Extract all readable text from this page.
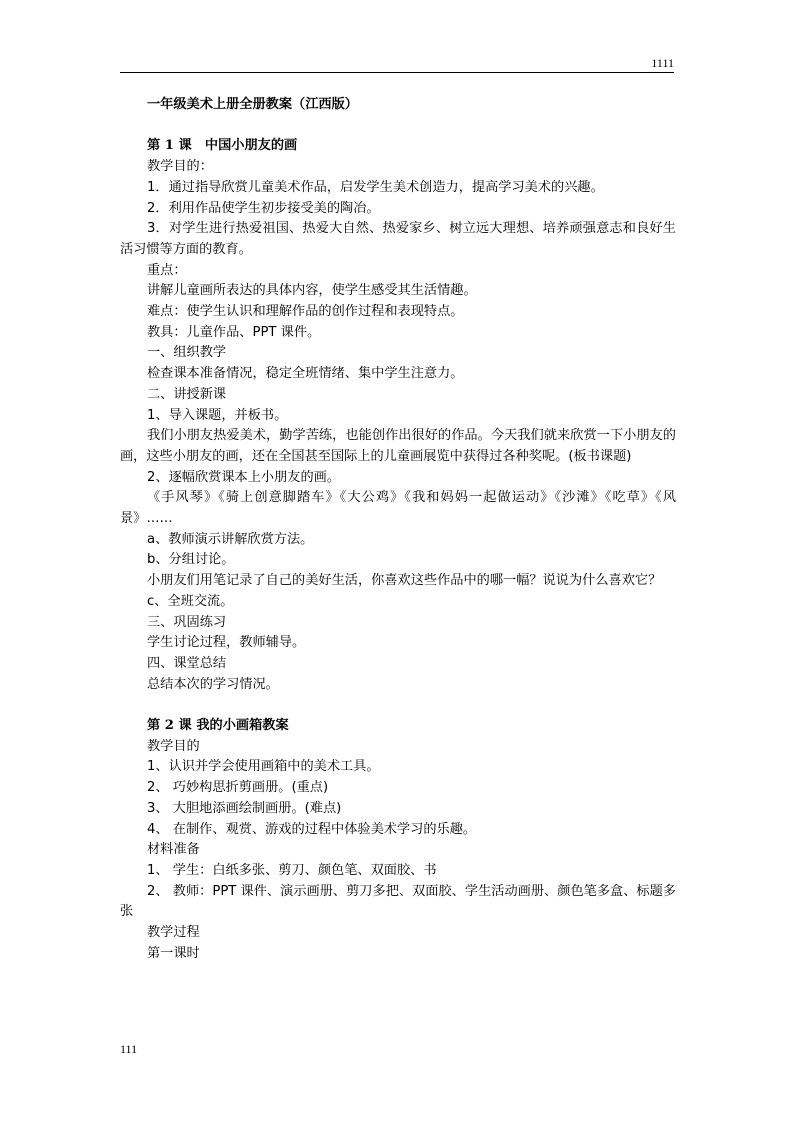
1111

一年级美术上册全册教案（江西版）

第 1 课　中国小朋友的画

教学目的：

1．通过指导欣赏儿童美术作品，启发学生美术创造力，提高学习美术的兴趣。

2．利用作品使学生初步接受美的陶冶。

3．对学生进行热爱祖国、热爱大自然、热爱家乡、树立远大理想、培养顽强意志和良好生活习惯等方面的教育。

重点：

讲解儿童画所表达的具体内容，使学生感受其生活情趣。

难点：使学生认识和理解作品的创作过程和表现特点。

教具：儿童作品、PPT 课件。

一、组织教学

检查课本准备情况，稳定全班情绪、集中学生注意力。

二、讲授新课

1、导入课题，并板书。

我们小朋友热爱美术，勤学苦练，也能创作出很好的作品。今天我们就来欣赏一下小朋友的画，这些小朋友的画，还在全国甚至国际上的儿童画展览中获得过各种奖呢。(板书课题)

2、逐幅欣赏课本上小朋友的画。

《手风琴》《骑上创意脚踏车》《大公鸡》《我和妈妈一起做运动》《沙滩》《吃草》《风景》……

a、教师演示讲解欣赏方法。

b、分组讨论。

小朋友们用笔记录了自己的美好生活，你喜欢这些作品中的哪一幅？说说为什么喜欢它？

c、全班交流。

三、巩固练习

学生讨论过程，教师辅导。

四、课堂总结

总结本次的学习情况。

第 2 课 我的小画箱教案

教学目的

1、认识并学会使用画箱中的美术工具。

2、 巧妙构思折剪画册。(重点)

3、 大胆地添画绘制画册。(难点)

4、 在制作、观赏、游戏的过程中体验美术学习的乐趣。

材料准备

1、 学生：白纸多张、剪刀、颜色笔、双面胶、书

2、 教师：PPT 课件、演示画册、剪刀多把、双面胶、学生活动画册、颜色笔多盒、标题多张

教学过程

第一课时

111
